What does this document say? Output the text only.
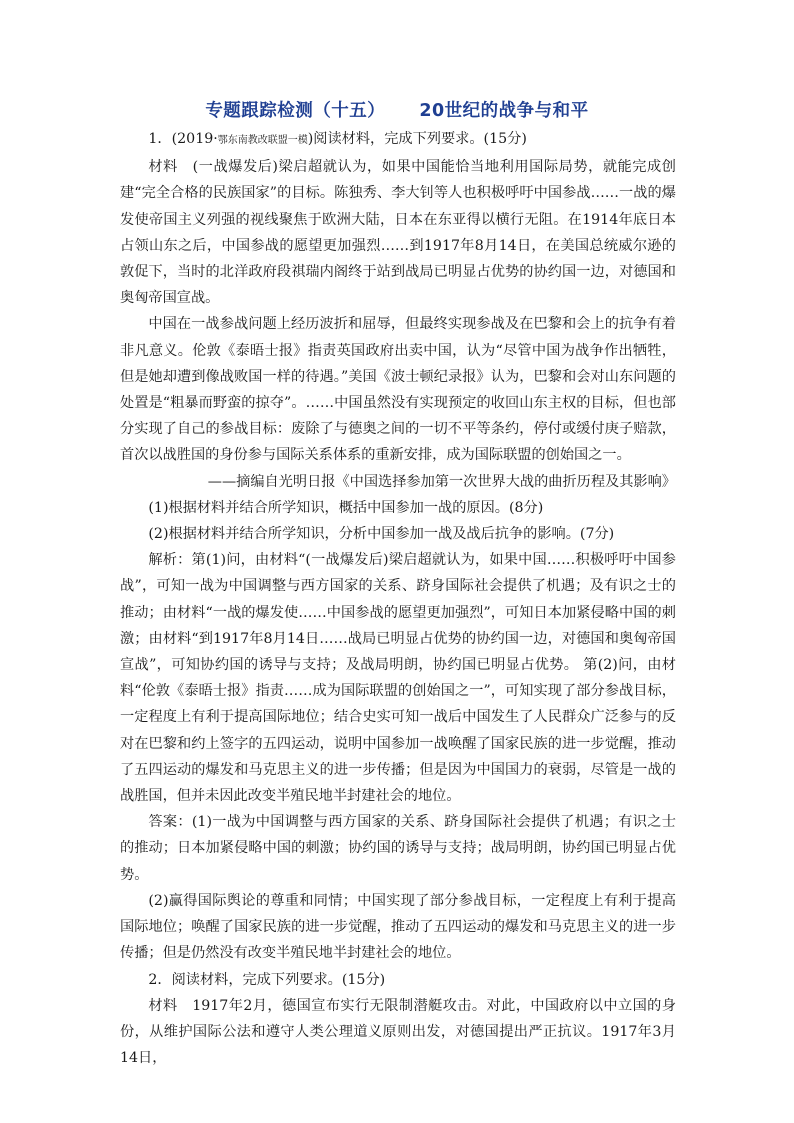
专题跟踪检测（十五） 20世纪的战争与和平

1．(2019·鄂东南教改联盟一模)阅读材料，完成下列要求。(15分)

材料　 (一战爆发后)梁启超就认为，如果中国能恰当地利用国际局势，就能完成创建“完全合格的民族国家”的目标。陈独秀、李大钊等人也积极呼吁中国参战……一战的爆发使帝国主义列强的视线聚焦于欧洲大陆，日本在东亚得以横行无阻。在1914年底日本占领山东之后，中国参战的愿望更加强烈……到1917年8月14日，在美国总统威尔逊的敦促下，当时的北洋政府段祺瑞内阁终于站到战局已明显占优势的协约国一边，对德国和奥匈帝国宣战。

中国在一战参战问题上经历波折和屈辱，但最终实现参战及在巴黎和会上的抗争有着非凡意义。伦敦《泰晤士报》指责英国政府出卖中国，认为“尽管中国为战争作出牺牲，但是她却遭到像战败国一样的待遇。”美国《波士顿纪录报》认为，巴黎和会对山东问题的处置是“粗暴而野蛮的掠夺”。……中国虽然没有实现预定的收回山东主权的目标，但也部分实现了自己的参战目标：废除了与德奥之间的一切不平等条约，停付或缓付庚子赔款，首次以战胜国的身份参与国际关系体系的重新安排，成为国际联盟的创始国之一。

——摘编自光明日报《中国选择参加第一次世界大战的曲折历程及其影响》

(1)根据材料并结合所学知识，概括中国参加一战的原因。(8分)

(2)根据材料并结合所学知识，分析中国参加一战及战后抗争的影响。(7分)

解析：第(1)问，由材料“(一战爆发后)梁启超就认为，如果中国……积极呼吁中国参战”，可知一战为中国调整与西方国家的关系、跻身国际社会提供了机遇；及有识之士的推动；由材料“一战的爆发使……中国参战的愿望更加强烈”，可知日本加紧侵略中国的刺激；由材料“到1917年8月14日……战局已明显占优势的协约国一边，对德国和奥匈帝国宣战”，可知协约国的诱导与支持；及战局明朗，协约国已明显占优势。 第(2)问，由材料“伦敦《泰晤士报》指责……成为国际联盟的创始国之一”，可知实现了部分参战目标，一定程度上有利于提高国际地位；结合史实可知一战后中国发生了人民群众广泛参与的反对在巴黎和约上签字的五四运动，说明中国参加一战唤醒了国家民族的进一步觉醒，推动了五四运动的爆发和马克思主义的进一步传播；但是因为中国国力的衰弱，尽管是一战的战胜国，但并未因此改变半殖民地半封建社会的地位。

答案：(1)一战为中国调整与西方国家的关系、跻身国际社会提供了机遇；有识之士的推动；日本加紧侵略中国的刺激；协约国的诱导与支持；战局明朗，协约国已明显占优势。

(2)赢得国际舆论的尊重和同情；中国实现了部分参战目标，一定程度上有利于提高国际地位；唤醒了国家民族的进一步觉醒，推动了五四运动的爆发和马克思主义的进一步传播；但是仍然没有改变半殖民地半封建社会的地位。

2．阅读材料，完成下列要求。(15分)

材料　 1917年2月，德国宣布实行无限制潜艇攻击。对此，中国政府以中立国的身份，从维护国际公法和遵守人类公理道义原则出发，对德国提出严正抗议。1917年3月14日，
